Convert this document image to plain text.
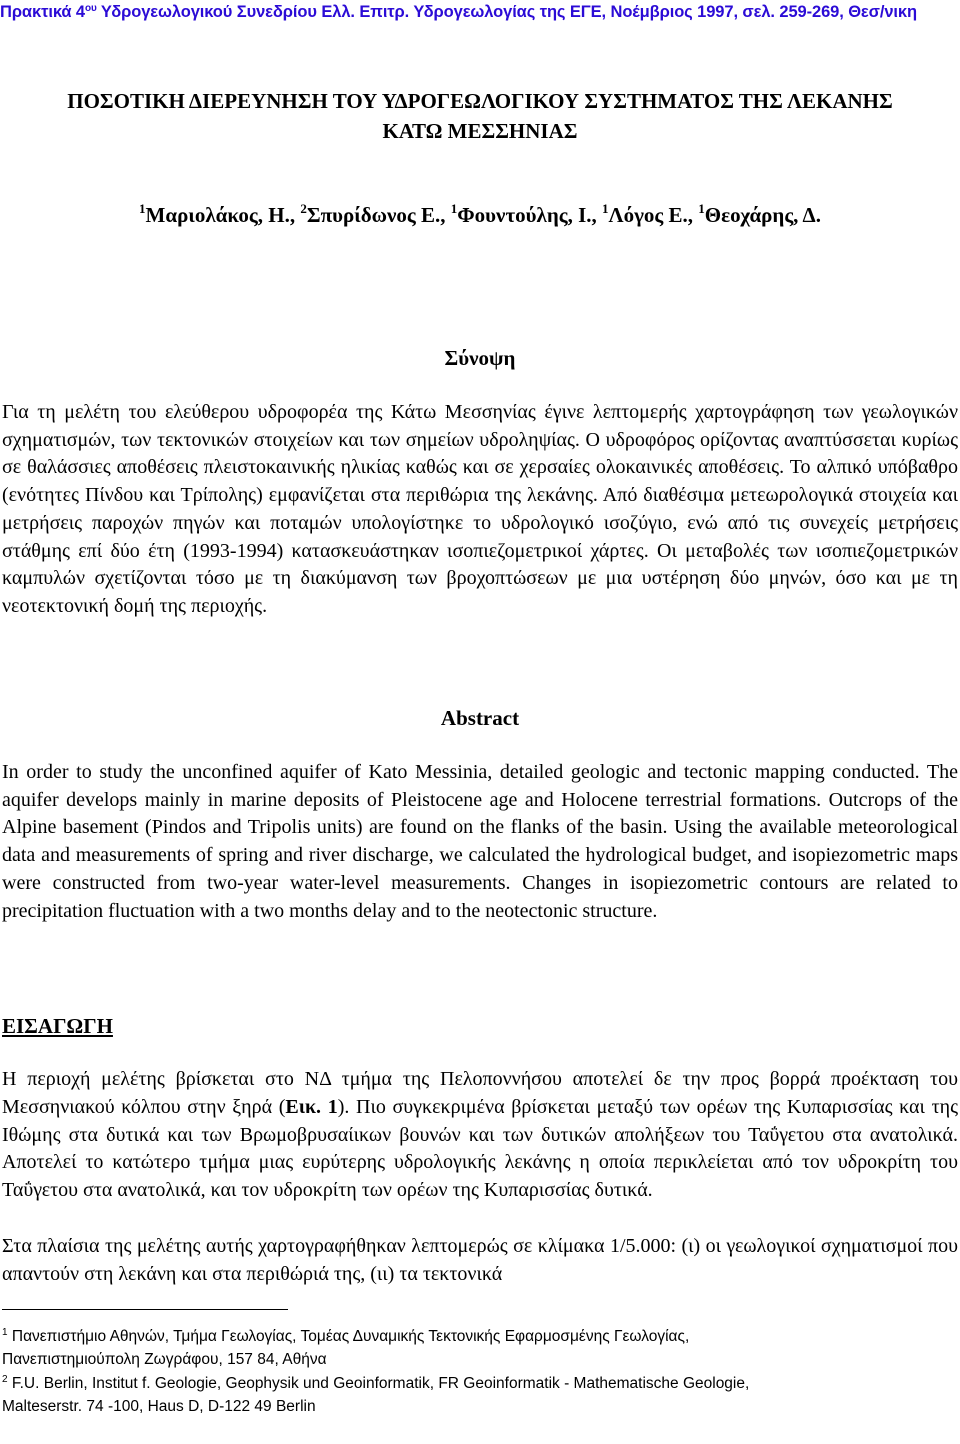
Πρακτικά $4^{o\upsilon}$ Υδρογεωλογικού Συνεδρίου Ελλ. Επιτρ. Υδρογεωλογίας της ΕΓΕ, Νοέμβριος 1997, σελ. 259-269, Θεσ/νικη
ΠΟΣΟΤΙΚΗ ΔΙΕΡΕΥΝΗΣΗ ΤΟΥ ΥΔΡΟΓΕΩΛΟΓΙΚΟΥ ΣΥΣΤΗΜΑΤΟΣ ΤΗΣ ΛΕΚΑΝΗΣ
ΚΑΤΩ ΜΕΣΣΗΝΙΑΣ
$^1$Μαριολάκος, Η., $^2$Σπυρίδωνος Ε., $^1$Φουντούλης, Ι., $^1$Λόγος Ε., $^1$Θεοχάρης, Δ.
Σύνοψη
Για τη μελέτη του ελεύθερου υδροφορέα της Κάτω Μεσσηνίας έγινε λεπτομερής χαρτογράφηση των γεωλογικών σχηματισμών, των τεκτονικών στοιχείων και των σημείων υδροληψίας. Ο υδροφόρος ορίζοντας αναπτύσσεται κυρίως σε θαλάσσιες αποθέσεις πλειστοκαινικής ηλικίας καθώς και σε χερσαίες ολοκαινικές αποθέσεις. Το αλπικό υπόβαθρο (ενότητες Πίνδου και Τρίπολης) εμφανίζεται στα περιθώρια της λεκάνης. Από διαθέσιμα μετεωρολογικά στοιχεία και μετρήσεις παροχών πηγών και ποταμών υπολογίστηκε το υδρολογικό ισοζύγιο, ενώ από τις συνεχείς μετρήσεις στάθμης επί δύο έτη (1993-1994) κατασκευάστηκαν ισοπιεζομετρικοί χάρτες. Οι μεταβολές των ισοπιεζομετρικών καμπυλών σχετίζονται τόσο με τη διακύμανση των βροχοπτώσεων με μια υστέρηση δύο μηνών, όσο και με τη νεοτεκτονική δομή της περιοχής.
Abstract
In order to study the unconfined aquifer of Kato Messinia, detailed geologic and tectonic mapping conducted. The aquifer develops mainly in marine deposits of Pleistocene age and Holocene terrestrial formations. Outcrops of the Alpine basement (Pindos and Tripolis units) are found on the flanks of the basin. Using the available meteorological data and measurements of spring and river discharge, we calculated the hydrological budget, and isopiezometric maps were constructed from two-year water-level measurements. Changes in isopiezometric contours are related to precipitation fluctuation with a two months delay and to the neotectonic structure.
ΕΙΣΑΓΩΓΗ
Η περιοχή μελέτης βρίσκεται στο ΝΔ τμήμα της Πελοποννήσου αποτελεί δε την προς βορρά προέκταση του Μεσσηνιακού κόλπου στην ξηρά (Εικ. 1). Πιο συγκεκριμένα βρίσκεται μεταξύ των ορέων της Κυπαρισσίας και της Ιθώμης στα δυτικά και των Βρωμοβρυσαίικων βουνών και των δυτικών απολήξεων του Ταΰγετου στα ανατολικά. Αποτελεί το κατώτερο τμήμα μιας ευρύτερης υδρολογικής λεκάνης η οποία περικλείεται από τον υδροκρίτη του Ταΰγετου στα ανατολικά, και τον υδροκρίτη των ορέων της Κυπαρισσίας δυτικά.
Στα πλαίσια της μελέτης αυτής χαρτογραφήθηκαν λεπτομερώς σε κλίμακα 1/5.000: (ι) οι γεωλογικοί σχηματισμοί που απαντούν στη λεκάνη και στα περιθώριά της, (ιι) τα τεκτονικά
$^1$ Πανεπιστήμιο Αθηνών, Τμήμα Γεωλογίας, Τομέας Δυναμικής Τεκτονικής Εφαρμοσμένης Γεωλογίας,
Πανεπιστημιούπολη Ζωγράφου, 157 84, Αθήνα
$^2$ F.U. Berlin, Institut f. Geologie, Geophysik und Geoinformatik, FR Geoinformatik - Mathematische Geologie,
Malteserstr. 74 -100, Haus D, D-122 49 Berlin
